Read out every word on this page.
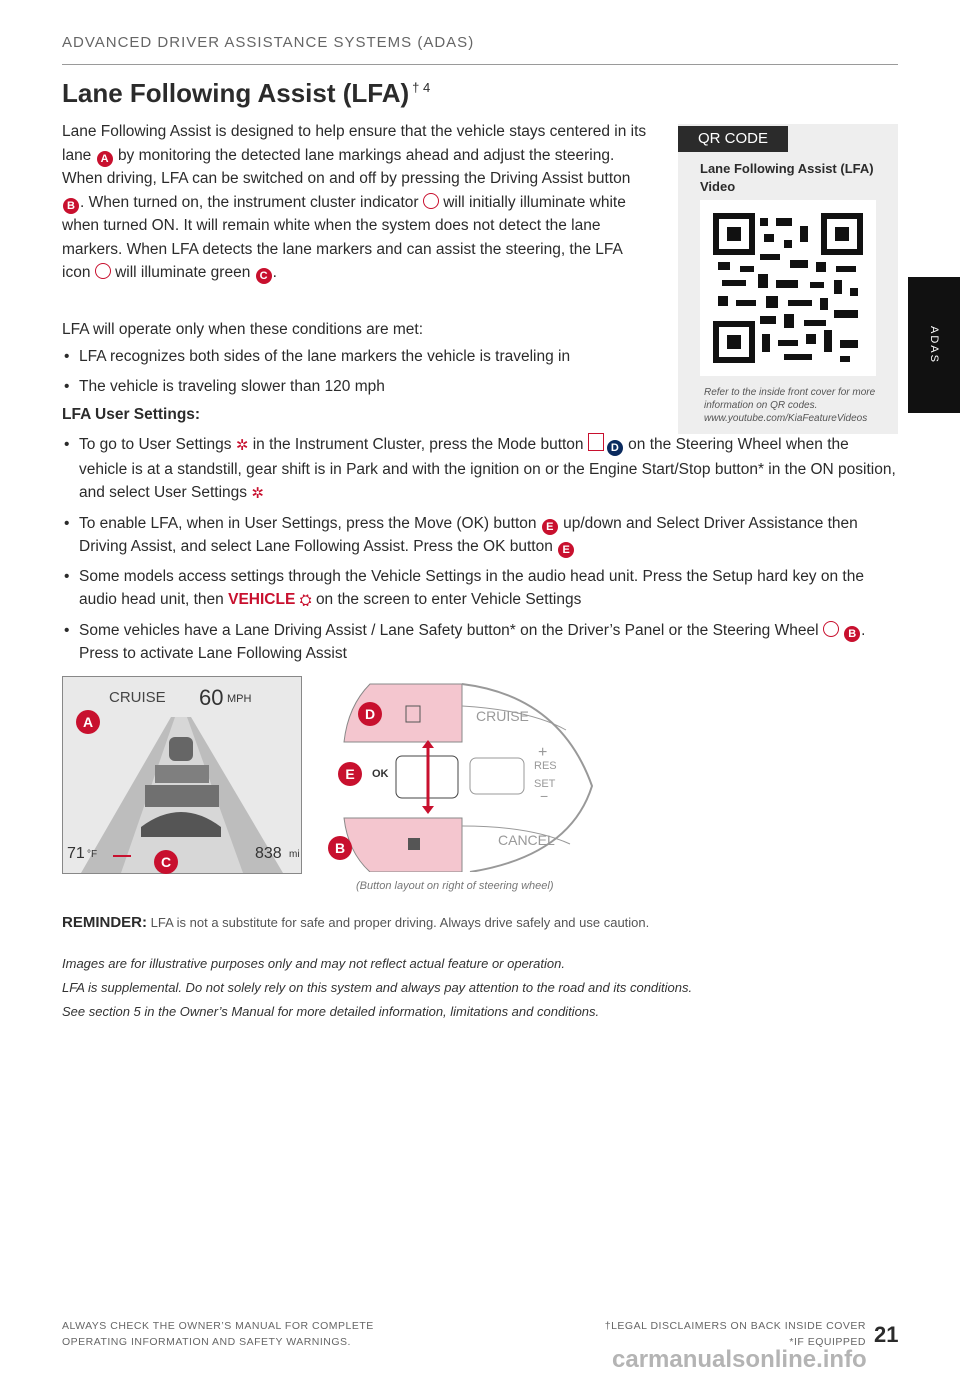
ADVANCED DRIVER ASSISTANCE SYSTEMS (ADAS)
ADAS
Lane Following Assist (LFA) $^{\dagger 4}$
Lane Following Assist is designed to help ensure that the vehicle stays centered in its lane A by monitoring the detected lane markings ahead and adjust the steering. When driving, LFA can be switched on and off by pressing the Driving Assist button B . When turned on, the instrument cluster indicator will initially illuminate white when turned ON. It will remain white when the system does not detect the lane markers. When LFA detects the lane markers and can assist the steering, the LFA icon will illuminate green C .
LFA will operate only when these conditions are met:
• LFA recognizes both sides of the lane markers the vehicle is traveling in
• The vehicle is traveling slower than 120 mph
LFA User Settings:
• To go to User Settings ✲ in the Instrument Cluster, press the Mode button D on the Steering Wheel when the vehicle is at a standstill, gear shift is in Park and with the ignition on or the Engine Start/Stop button* in the ON position, and select User Settings ✲
• To enable LFA, when in User Settings, press the Move (OK) button E up/down and Select Driver Assistance then Driving Assist, and select Lane Following Assist. Press the OK button E
• Some models access settings through the Vehicle Settings in the audio head unit. Press the Setup hard key on the audio head unit, then VEHICLE ⛭ on the screen to enter Vehicle Settings
• Some vehicles have a Lane Driving Assist / Lane Safety button* on the Driver’s Panel or the Steering Wheel	B . Press to activate Lane Following Assist
QR CODE
Lane Following Assist (LFA) Video
Refer to the inside front cover for more information on QR codes. www.youtube.com/KiaFeatureVideos
CRUISE 60 MPH
71 °F	838 mi
A
C
CRUISE
CANCEL
OK
+
RES
SET
−
D
E
B
(Button layout on right of steering wheel)
REMINDER: LFA is not a substitute for safe and proper driving. Always drive safely and use caution.
Images are for illustrative purposes only and may not reflect actual feature or operation.
LFA is supplemental. Do not solely rely on this system and always pay attention to the road and its conditions.
See section 5 in the Owner’s Manual for more detailed information, limitations and conditions.
ALWAYS CHECK THE OWNER’S MANUAL FOR COMPLETE
OPERATING INFORMATION AND SAFETY WARNINGS.
†LEGAL DISCLAIMERS ON BACK INSIDE COVER
*IF EQUIPPED 21
carmanualsonline.info
